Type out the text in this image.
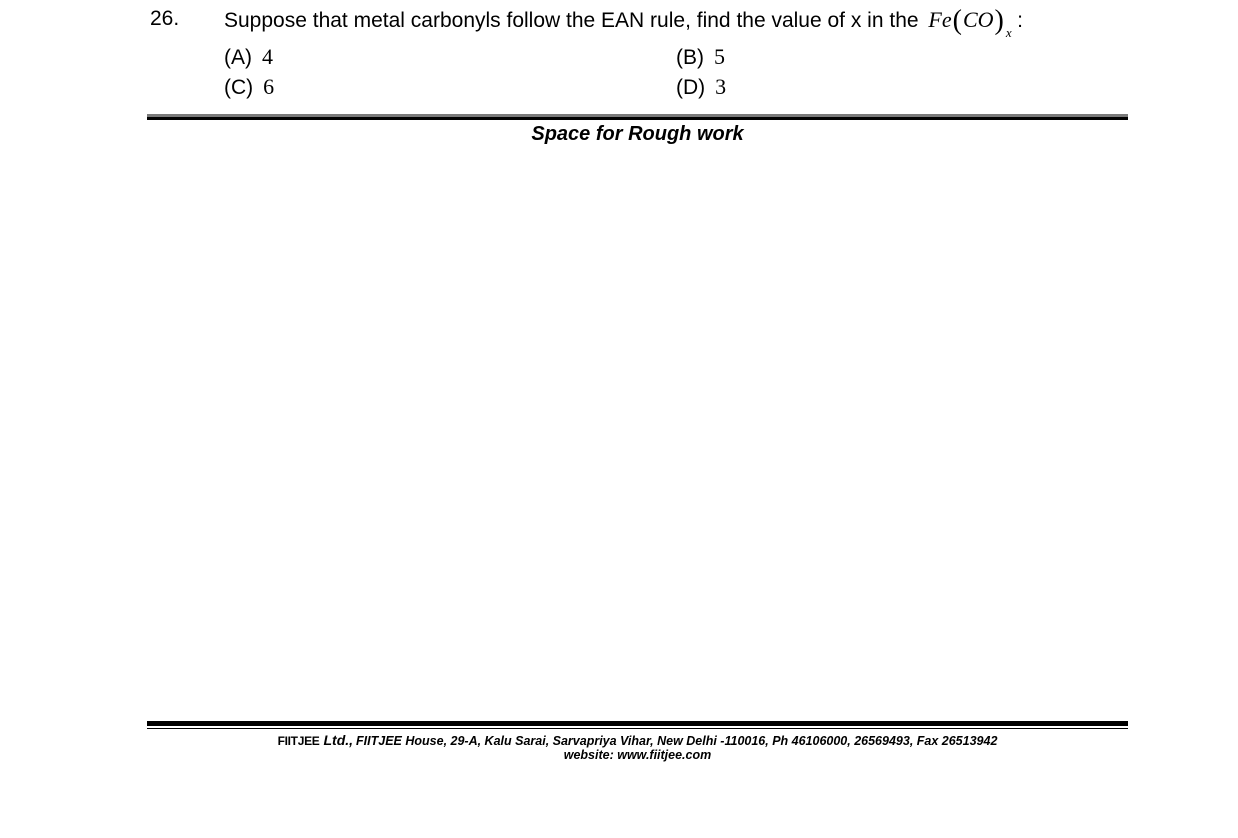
26. Suppose that metal carbonyls follow the EAN rule, find the value of x in the Fe(CO) $_x$ :
(A) 4	(B) 5
(C) 6	(D) 3
Space for Rough work
FIITJEE Ltd., FIITJEE House, 29-A, Kalu Sarai, Sarvapriya Vihar, New Delhi -110016, Ph 46106000, 26569493, Fax 26513942
website: www.fiitjee.com
